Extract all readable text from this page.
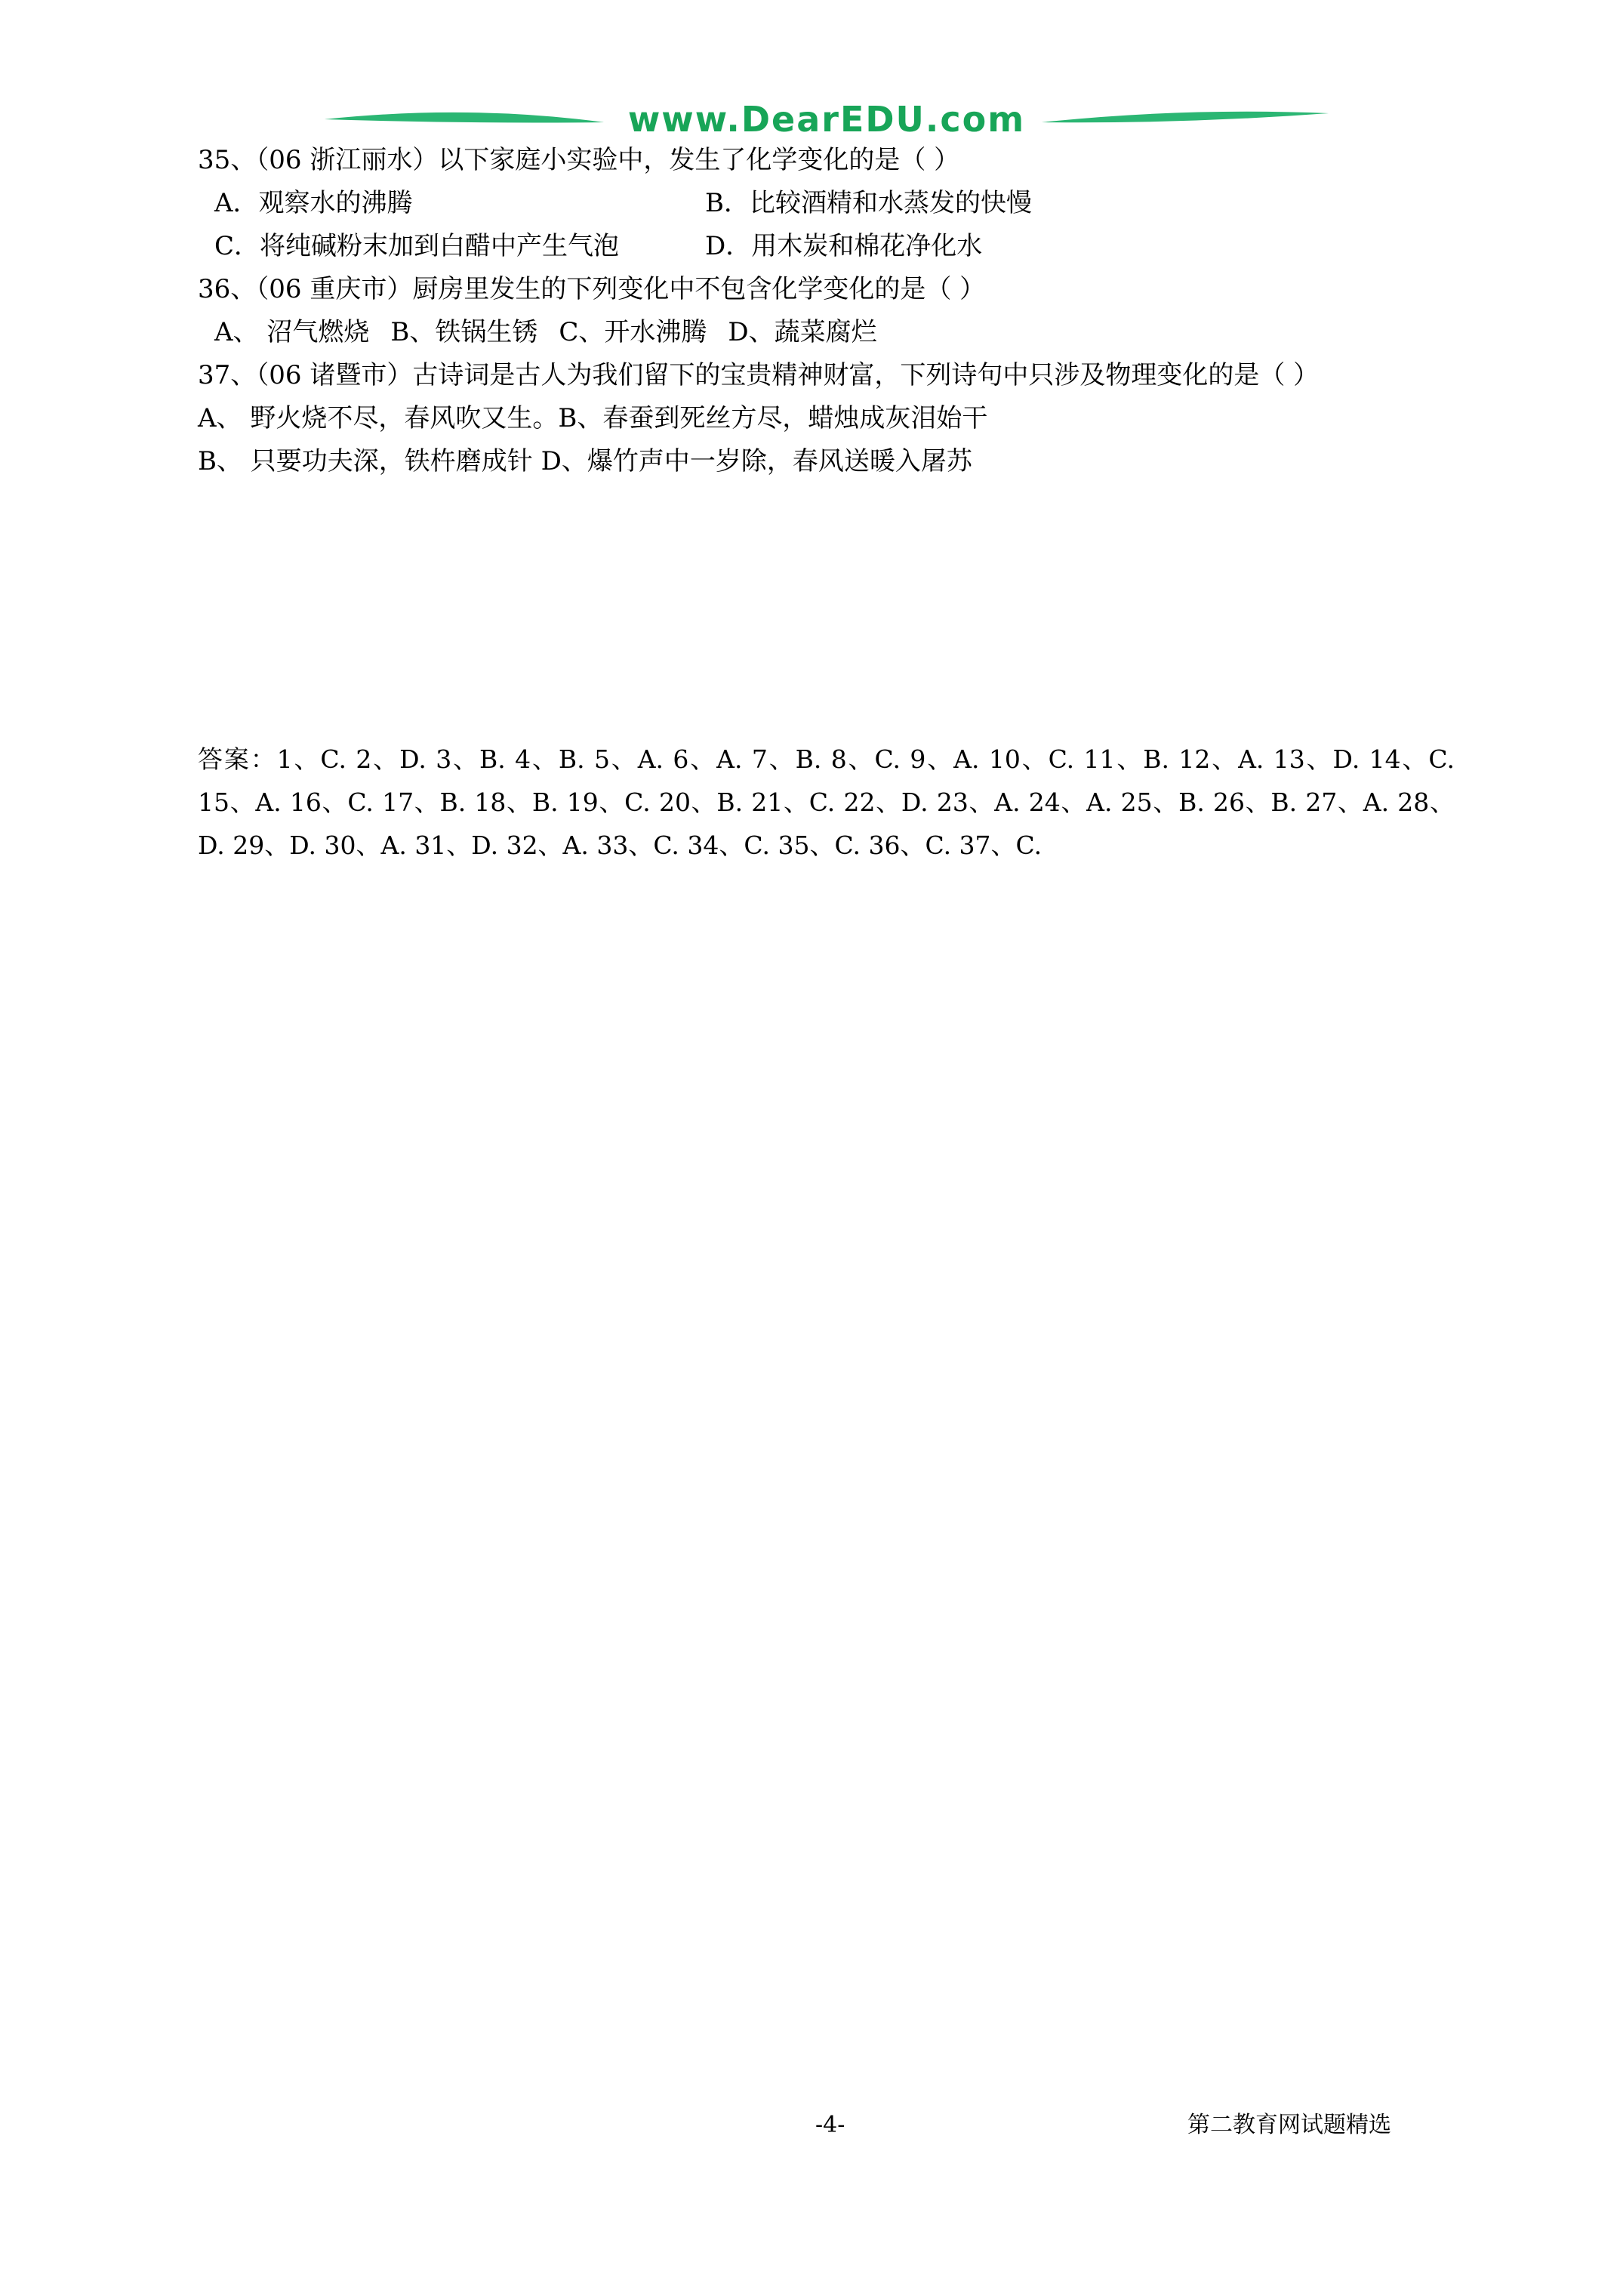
www.DearEDU.com
35、（06 浙江丽水）以下家庭小实验中，发生了化学变化的是（ ）
A．观察水的沸腾	B．比较酒精和水蒸发的快慢
C．将纯碱粉末加到白醋中产生气泡	D．用木炭和棉花净化水
36、（06 重庆市）厨房里发生的下列变化中不包含化学变化的是（ ）
A、 沼气燃烧 B、铁锅生锈 C、开水沸腾 D、蔬菜腐烂
37、（06 诸暨市）古诗词是古人为我们留下的宝贵精神财富，下列诗句中只涉及物理变化的是（ ）
A、 野火烧不尽，春风吹又生。B、春蚕到死丝方尽，蜡烛成灰泪始干
B、 只要功夫深，铁杵磨成针 D、爆竹声中一岁除，春风送暖入屠苏
答案：1、C. 2、D. 3、B. 4、B. 5、A. 6、A. 7、B. 8、C. 9、A. 10、C. 11、B. 12、A. 13、D. 14、C. 15、A. 16、C. 17、B. 18、B. 19、C. 20、B. 21、C. 22、D. 23、A. 24、A. 25、B. 26、B. 27、A. 28、D. 29、D. 30、A. 31、D. 32、A. 33、C. 34、C. 35、C. 36、C. 37、C.
-4-	第二教育网试题精选
